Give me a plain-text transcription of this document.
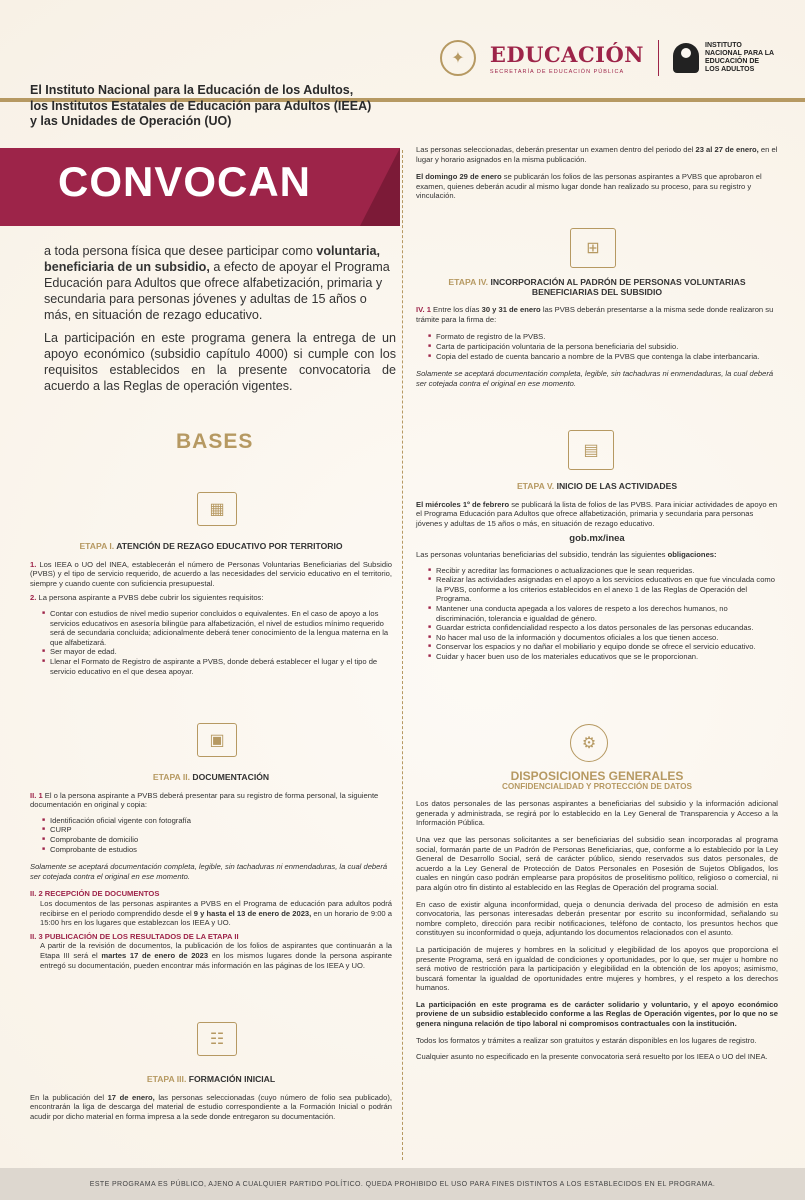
✦	EDUCACIÓN
SECRETARÍA DE EDUCACIÓN PÚBLICA
INSTITUTO NACIONAL PARA LA EDUCACIÓN DE LOS ADULTOS
El Instituto Nacional para la Educación de los Adultos,
los Institutos Estatales de Educación para Adultos (IEEA)
y las Unidades de Operación (UO)
CONVOCAN
a toda persona física que desee participar como voluntaria, beneficiaria de un subsidio, a efecto de apoyar el Programa Educación para Adultos que ofrece alfabetización, primaria y secundaria para personas jóvenes y adultas de 15 años o más, en situación de rezago educativo.
La participación en este programa genera la entrega de un apoyo económico (subsidio capítulo 4000) si cumple con los requisitos establecidos en la presente convocatoria de acuerdo a las Reglas de operación vigentes.
BASES
▦
ETAPA I. ATENCIÓN DE REZAGO EDUCATIVO POR TERRITORIO

1. Los IEEA o UO del INEA, establecerán el número de Personas Voluntarias Beneficiarias del Subsidio (PVBS) y el tipo de servicio requerido, de acuerdo a las necesidades del servicio educativo en el territorio, siempre y cuando cuente con suficiencia presupuestal.

2. La persona aspirante a PVBS debe cubrir los siguientes requisitos:

■ Contar con estudios de nivel medio superior concluidos o equivalentes. En el caso de apoyo a los servicios educativos en asesoría bilingüe para alfabetización, el nivel de estudios mínimo requerido será de secundaria concluida; adicionalmente deberá tener conocimiento de la lengua materna en la que alfabetizará.
■ Ser mayor de edad.
■ Llenar el Formato de Registro de aspirante a PVBS, donde deberá establecer el lugar y el tipo de servicio educativo en el que desea apoyar.
▣
ETAPA II. DOCUMENTACIÓN

II. 1 El o la persona aspirante a PVBS deberá presentar para su registro de forma personal, la siguiente documentación en original y copia:

■ Identificación oficial vigente con fotografía
■ CURP
■ Comprobante de domicilio
■ Comprobante de estudios

Solamente se aceptará documentación completa, legible, sin tachaduras ni enmendaduras, la cual deberá ser cotejada contra el original en ese momento.

II. 2 RECEPCIÓN DE DOCUMENTOS

Los documentos de las personas aspirantes a PVBS en el Programa de educación para adultos podrá recibirse en el periodo comprendido desde el 9 y hasta el 13 de enero de 2023, en un horario de 9:00 a 15:00 hrs en los lugares que establezcan los IEEA y UO.

II. 3 PUBLICACIÓN DE LOS RESULTADOS DE LA ETAPA II

A partir de la revisión de documentos, la publicación de los folios de aspirantes que continuarán a la Etapa III será el martes 17 de enero de 2023 en los mismos lugares donde la persona aspirante entregó su documentación, pueden encontrar más información en las páginas de los IEEA y UO.

☷
ETAPA III. FORMACIÓN INICIAL

En la publicación del 17 de enero, las personas seleccionadas (cuyo número de folio sea publicado), encontrarán la liga de descarga del material de estudio correspondiente a la Formación Inicial o podrán acudir por dicho material en forma impresa a la sede donde entregaron su documentación.

Las personas seleccionadas, deberán presentar un examen dentro del periodo del 23 al 27 de enero, en el lugar y horario asignados en la misma publicación.

El domingo 29 de enero se publicarán los folios de las personas aspirantes a PVBS que aprobaron el examen, quienes deberán acudir al mismo lugar donde han realizado su proceso, para su registro y vinculación.

⊞
ETAPA IV. INCORPORACIÓN AL PADRÓN DE PERSONAS VOLUNTARIAS BENEFICIARIAS DEL SUBSIDIO

IV. 1 Entre los días 30 y 31 de enero las PVBS deberán presentarse a la misma sede donde realizaron su trámite para la firma de:

■ Formato de registro de la PVBS.
■ Carta de participación voluntaria de la persona beneficiaria del subsidio.
■ Copia del estado de cuenta bancario a nombre de la PVBS que contenga la clabe interbancaria.

Solamente se aceptará documentación completa, legible, sin tachaduras ni enmendaduras, la cual deberá ser cotejada contra el original en ese momento.

▤
ETAPA V. INICIO DE LAS ACTIVIDADES

El miércoles 1º de febrero se publicará la lista de folios de las PVBS. Para iniciar actividades de apoyo en el Programa Educación para Adultos que ofrece alfabetización, primaria y secundaria para personas jóvenes y adultas de 15 años o más, en situación de rezago educativo.

gob.mx/inea

Las personas voluntarias beneficiarias del subsidio, tendrán las siguientes obligaciones:

■ Recibir y acreditar las formaciones o actualizaciones que le sean requeridas.
■ Realizar las actividades asignadas en el apoyo a los servicios educativos en que fue vinculada como la PVBS, conforme a los criterios establecidos en el anexo 1 de las Reglas de Operación del Programa.
■ Mantener una conducta apegada a los valores de respeto a los derechos humanos, no discriminación, tolerancia e igualdad de género.
■ Guardar estricta confidencialidad respecto a los datos personales de las personas educandas.
■ No hacer mal uso de la información y documentos oficiales a los que tienen acceso.
■ Conservar los espacios y no dañar el mobiliario y equipo donde se ofrece el servicio educativo.
■ Cuidar y hacer buen uso de los materiales educativos que se le proporcionan.
⚙
DISPOSICIONES GENERALES
CONFIDENCIALIDAD Y PROTECCIÓN DE DATOS

Los datos personales de las personas aspirantes a beneficiarias del subsidio y la información adicional generada y administrada, se regirá por lo establecido en la Ley General de Transparencia y Acceso a la Información Pública.

Una vez que las personas solicitantes a ser beneficiarias del subsidio sean incorporadas al programa social, formarán parte de un Padrón de Personas Beneficiarias, que, conforme a lo establecido por la Ley General de Desarrollo Social, será de carácter público, siendo reservados sus datos personales, de acuerdo a la Ley General de Protección de Datos Personales en Posesión de Sujetos Obligados, los cuales en ningún caso podrán emplearse para propósitos de proselitismo político, religioso o comercial, ni para algún otro fin distinto al establecido en las Reglas de Operación del programa social.

En caso de existir alguna inconformidad, queja o denuncia derivada del proceso de admisión en esta convocatoria, las personas interesadas deberán presentar por escrito su inconformidad, señalando su nombre completo, dirección para recibir notificaciones, teléfono de contacto, los presuntos hechos que constituyen su inconformidad o queja, adjuntando los documentos relacionados con el asunto.

La participación de mujeres y hombres en la solicitud y elegibilidad de los apoyos que proporciona el presente Programa, será en igualdad de condiciones y oportunidades, por lo que, ser mujer u hombre no será motivo de restricción para la participación y elegibilidad en la obtención de los apoyos; asimismo, buscará fomentar la igualdad de oportunidades entre mujeres y hombres, y el respeto a los derechos humanos.

La participación en este programa es de carácter solidario y voluntario, y el apoyo económico proviene de un subsidio establecido conforme a las Reglas de Operación vigentes, por lo que no se genera ninguna relación de tipo laboral ni compromisos contractuales con la institución.

Todos los formatos y trámites a realizar son gratuitos y estarán disponibles en los lugares de registro.

Cualquier asunto no especificado en la presente convocatoria será resuelto por los IEEA o UO del INEA.

ESTE PROGRAMA ES PÚBLICO, AJENO A CUALQUIER PARTIDO POLÍTICO. QUEDA PROHIBIDO EL USO PARA FINES DISTINTOS A LOS ESTABLECIDOS EN EL PROGRAMA.
